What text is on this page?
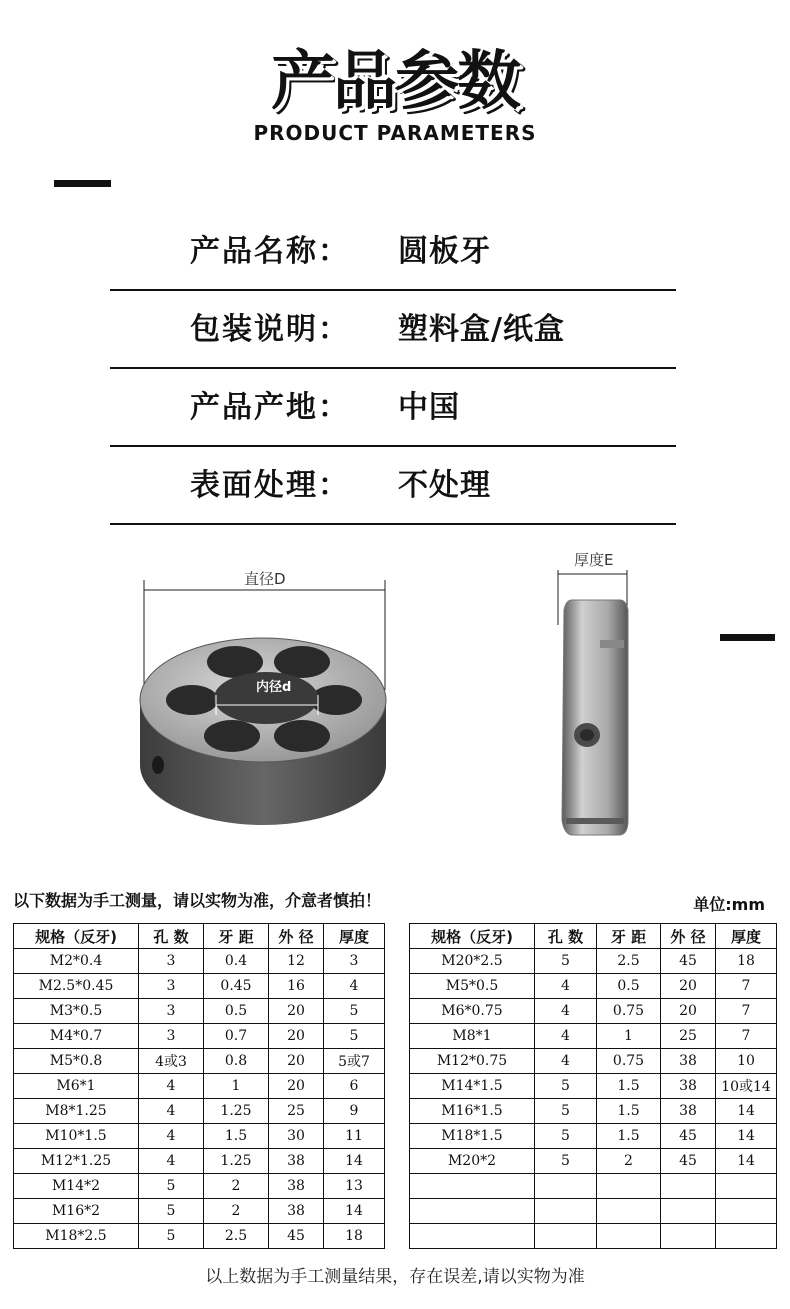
产品参数
PRODUCT PARAMETERS
产品名称： 圆板牙
包装说明： 塑料盒/纸盒
产品产地： 中国
表面处理： 不处理
直径D
内径d
厚度E
以下数据为手工测量，请以实物为准，介意者慎拍！	单位:mm
规格（反牙)	孔 数	牙 距	外 径	厚度
M2*0.4	3	0.4	12	3
M2.5*0.45	3	0.45	16	4
M3*0.5	3	0.5	20	5
M4*0.7	3	0.7	20	5
M5*0.8	4或3	0.8	20	5或7
M6*1	4	1	20	6
M8*1.25	4	1.25	25	9
M10*1.5	4	1.5	30	11
M12*1.25	4	1.25	38	14
M14*2	5	2	38	13
M16*2	5	2	38	14
M18*2.5	5	2.5	45	18
规格（反牙)	孔 数	牙 距	外 径	厚度
M20*2.5	5	2.5	45	18
M5*0.5	4	0.5	20	7
M6*0.75	4	0.75	20	7
M8*1	4	1	25	7
M12*0.75	4	0.75	38	10
M14*1.5	5	1.5	38	10或14
M16*1.5	5	1.5	38	14
M18*1.5	5	1.5	45	14
M20*2	5	2	45	14

以上数据为手工测量结果，存在误差,请以实物为准
